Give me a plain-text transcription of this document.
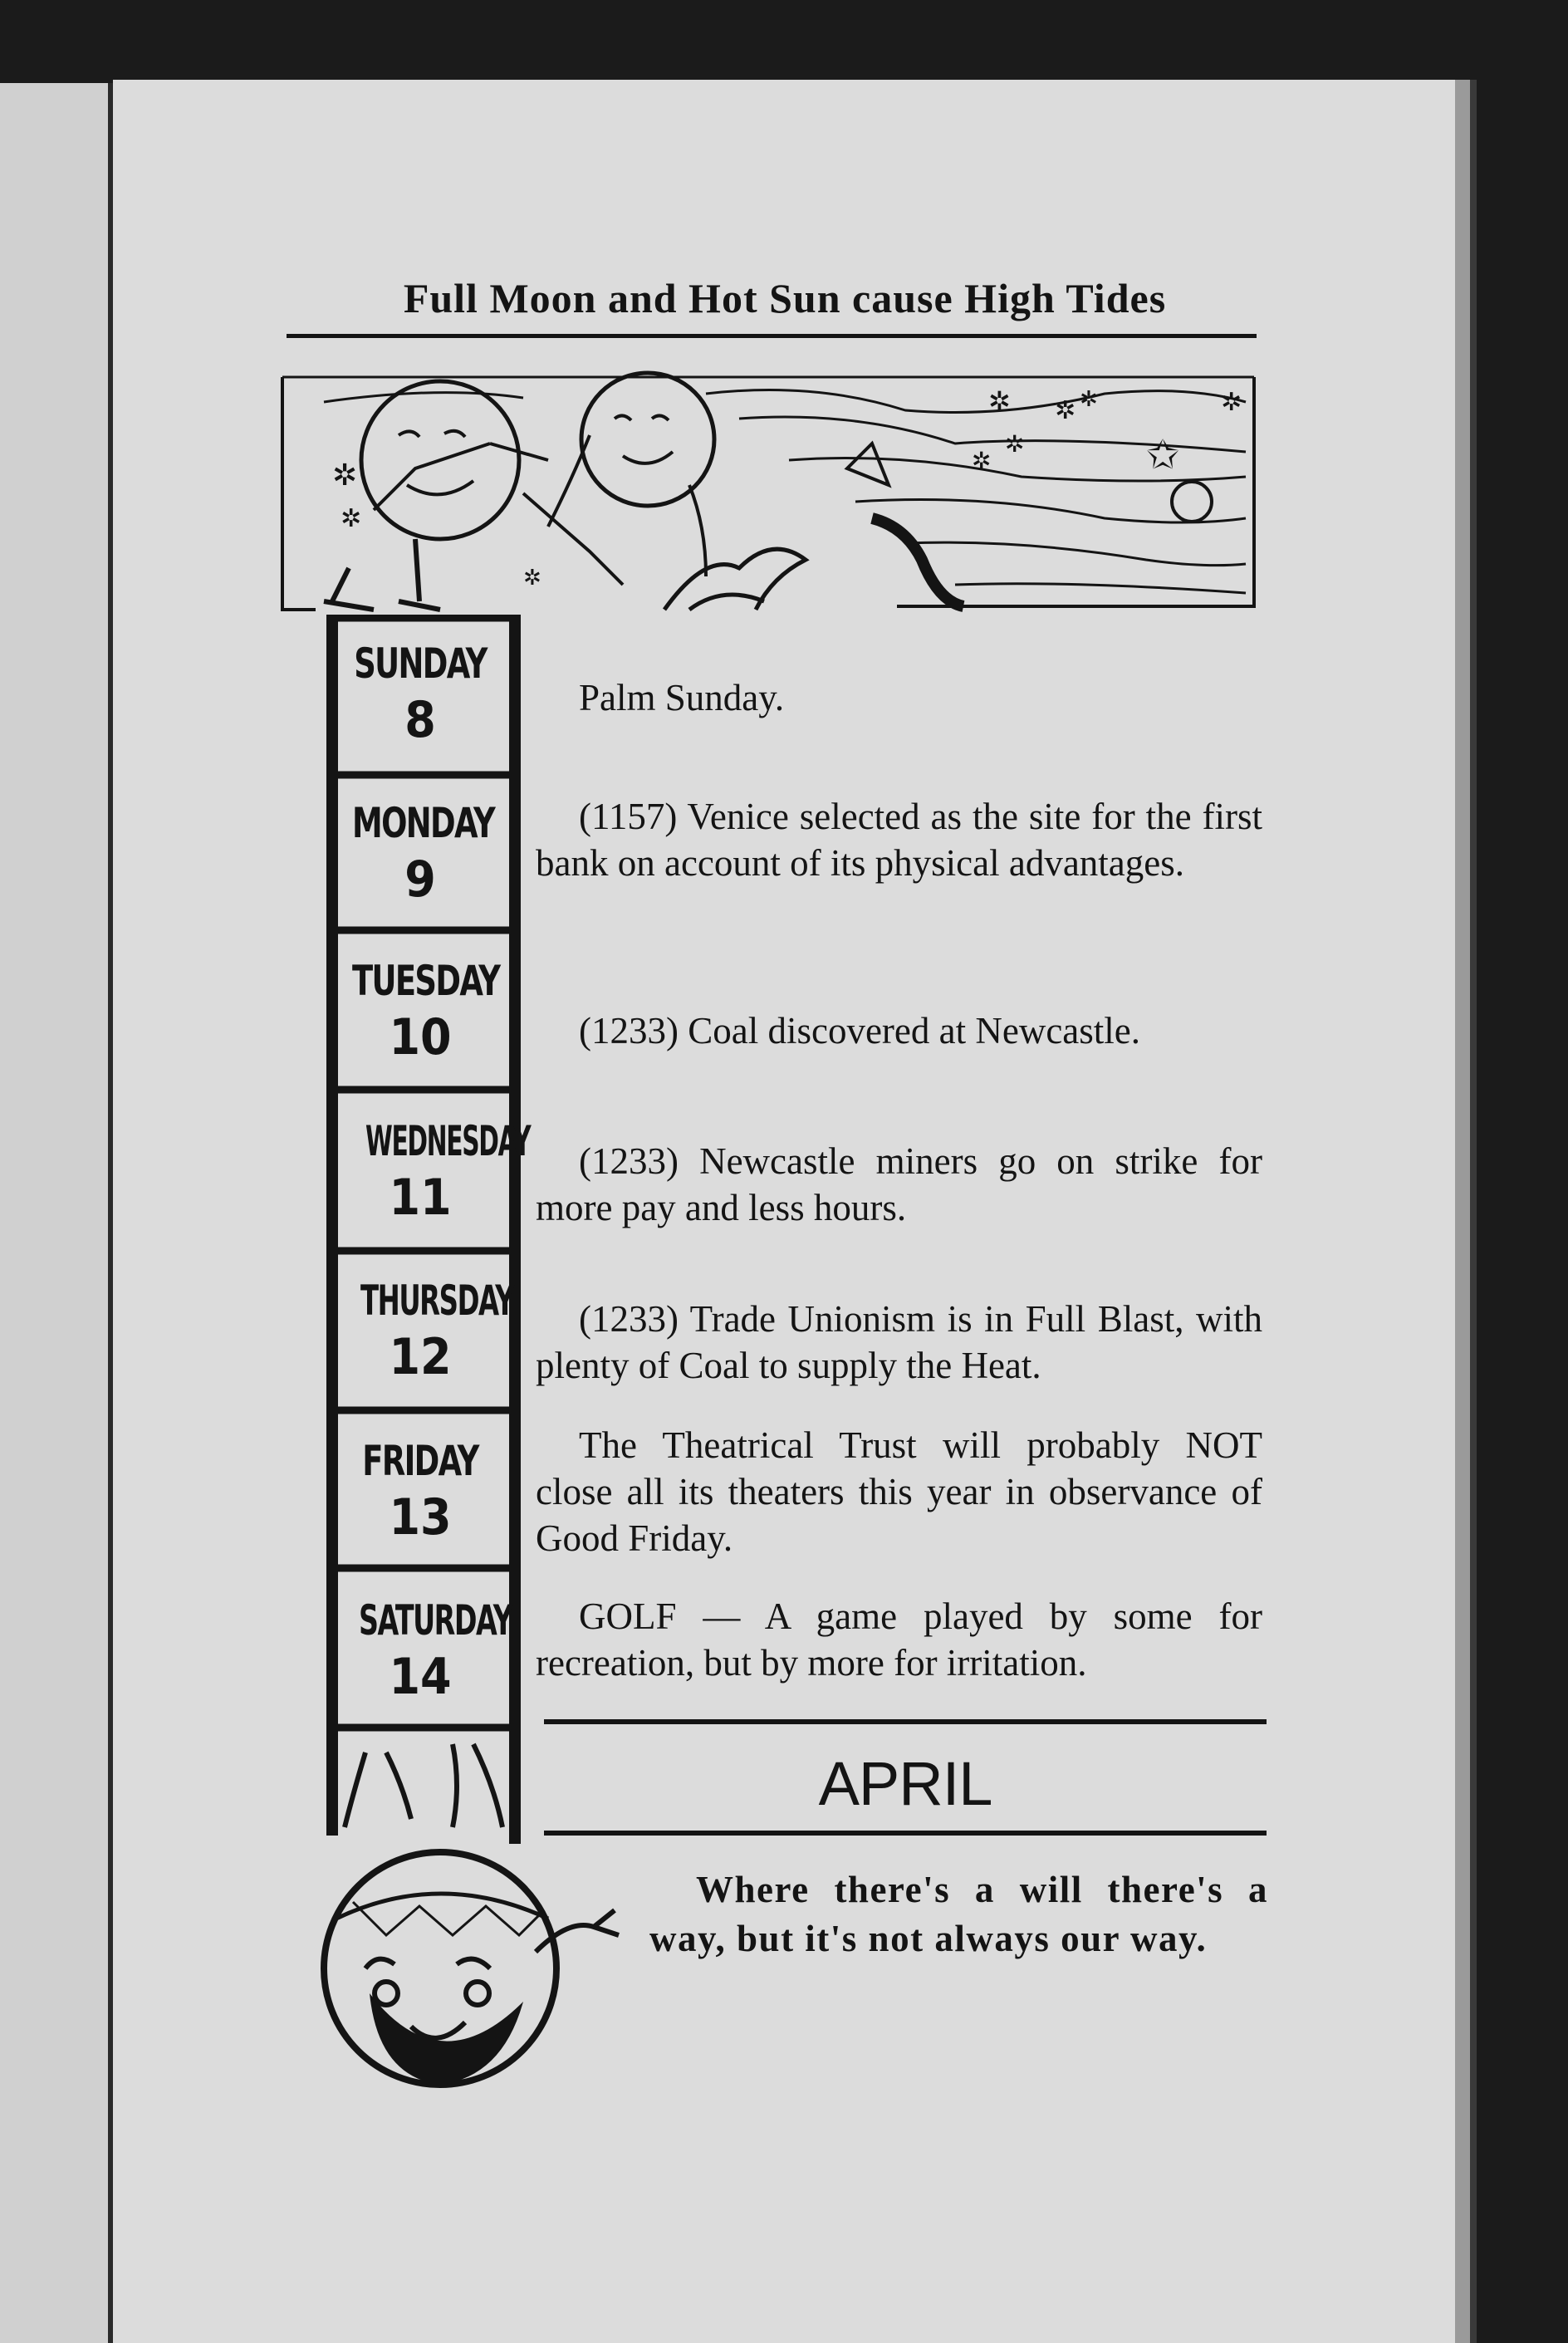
Full Moon and Hot Sun cause High Tides
✲
✲
✲
✲ ✲ ✲
✲
✲	✩
✲
SUNDAY
8
MONDAY
9
TUESDAY
10
WEDNESDAY
11
THURSDAY
12
FRIDAY
13
SATURDAY
14
Palm Sunday.
(1157) Venice selected as the site for the first bank on account of its physical advantages.
(1233) Coal discovered at Newcastle.
(1233) Newcastle miners go on strike for more pay and less hours.
(1233) Trade Unionism is in Full Blast, with plenty of Coal to supply the Heat.
The Theatrical Trust will probably NOT close all its theaters this year in observance of Good Friday.
GOLF — A game played by some for recreation, but by more for irritation.
APRIL
Where there's a will there's a way, but it's not always our way.
